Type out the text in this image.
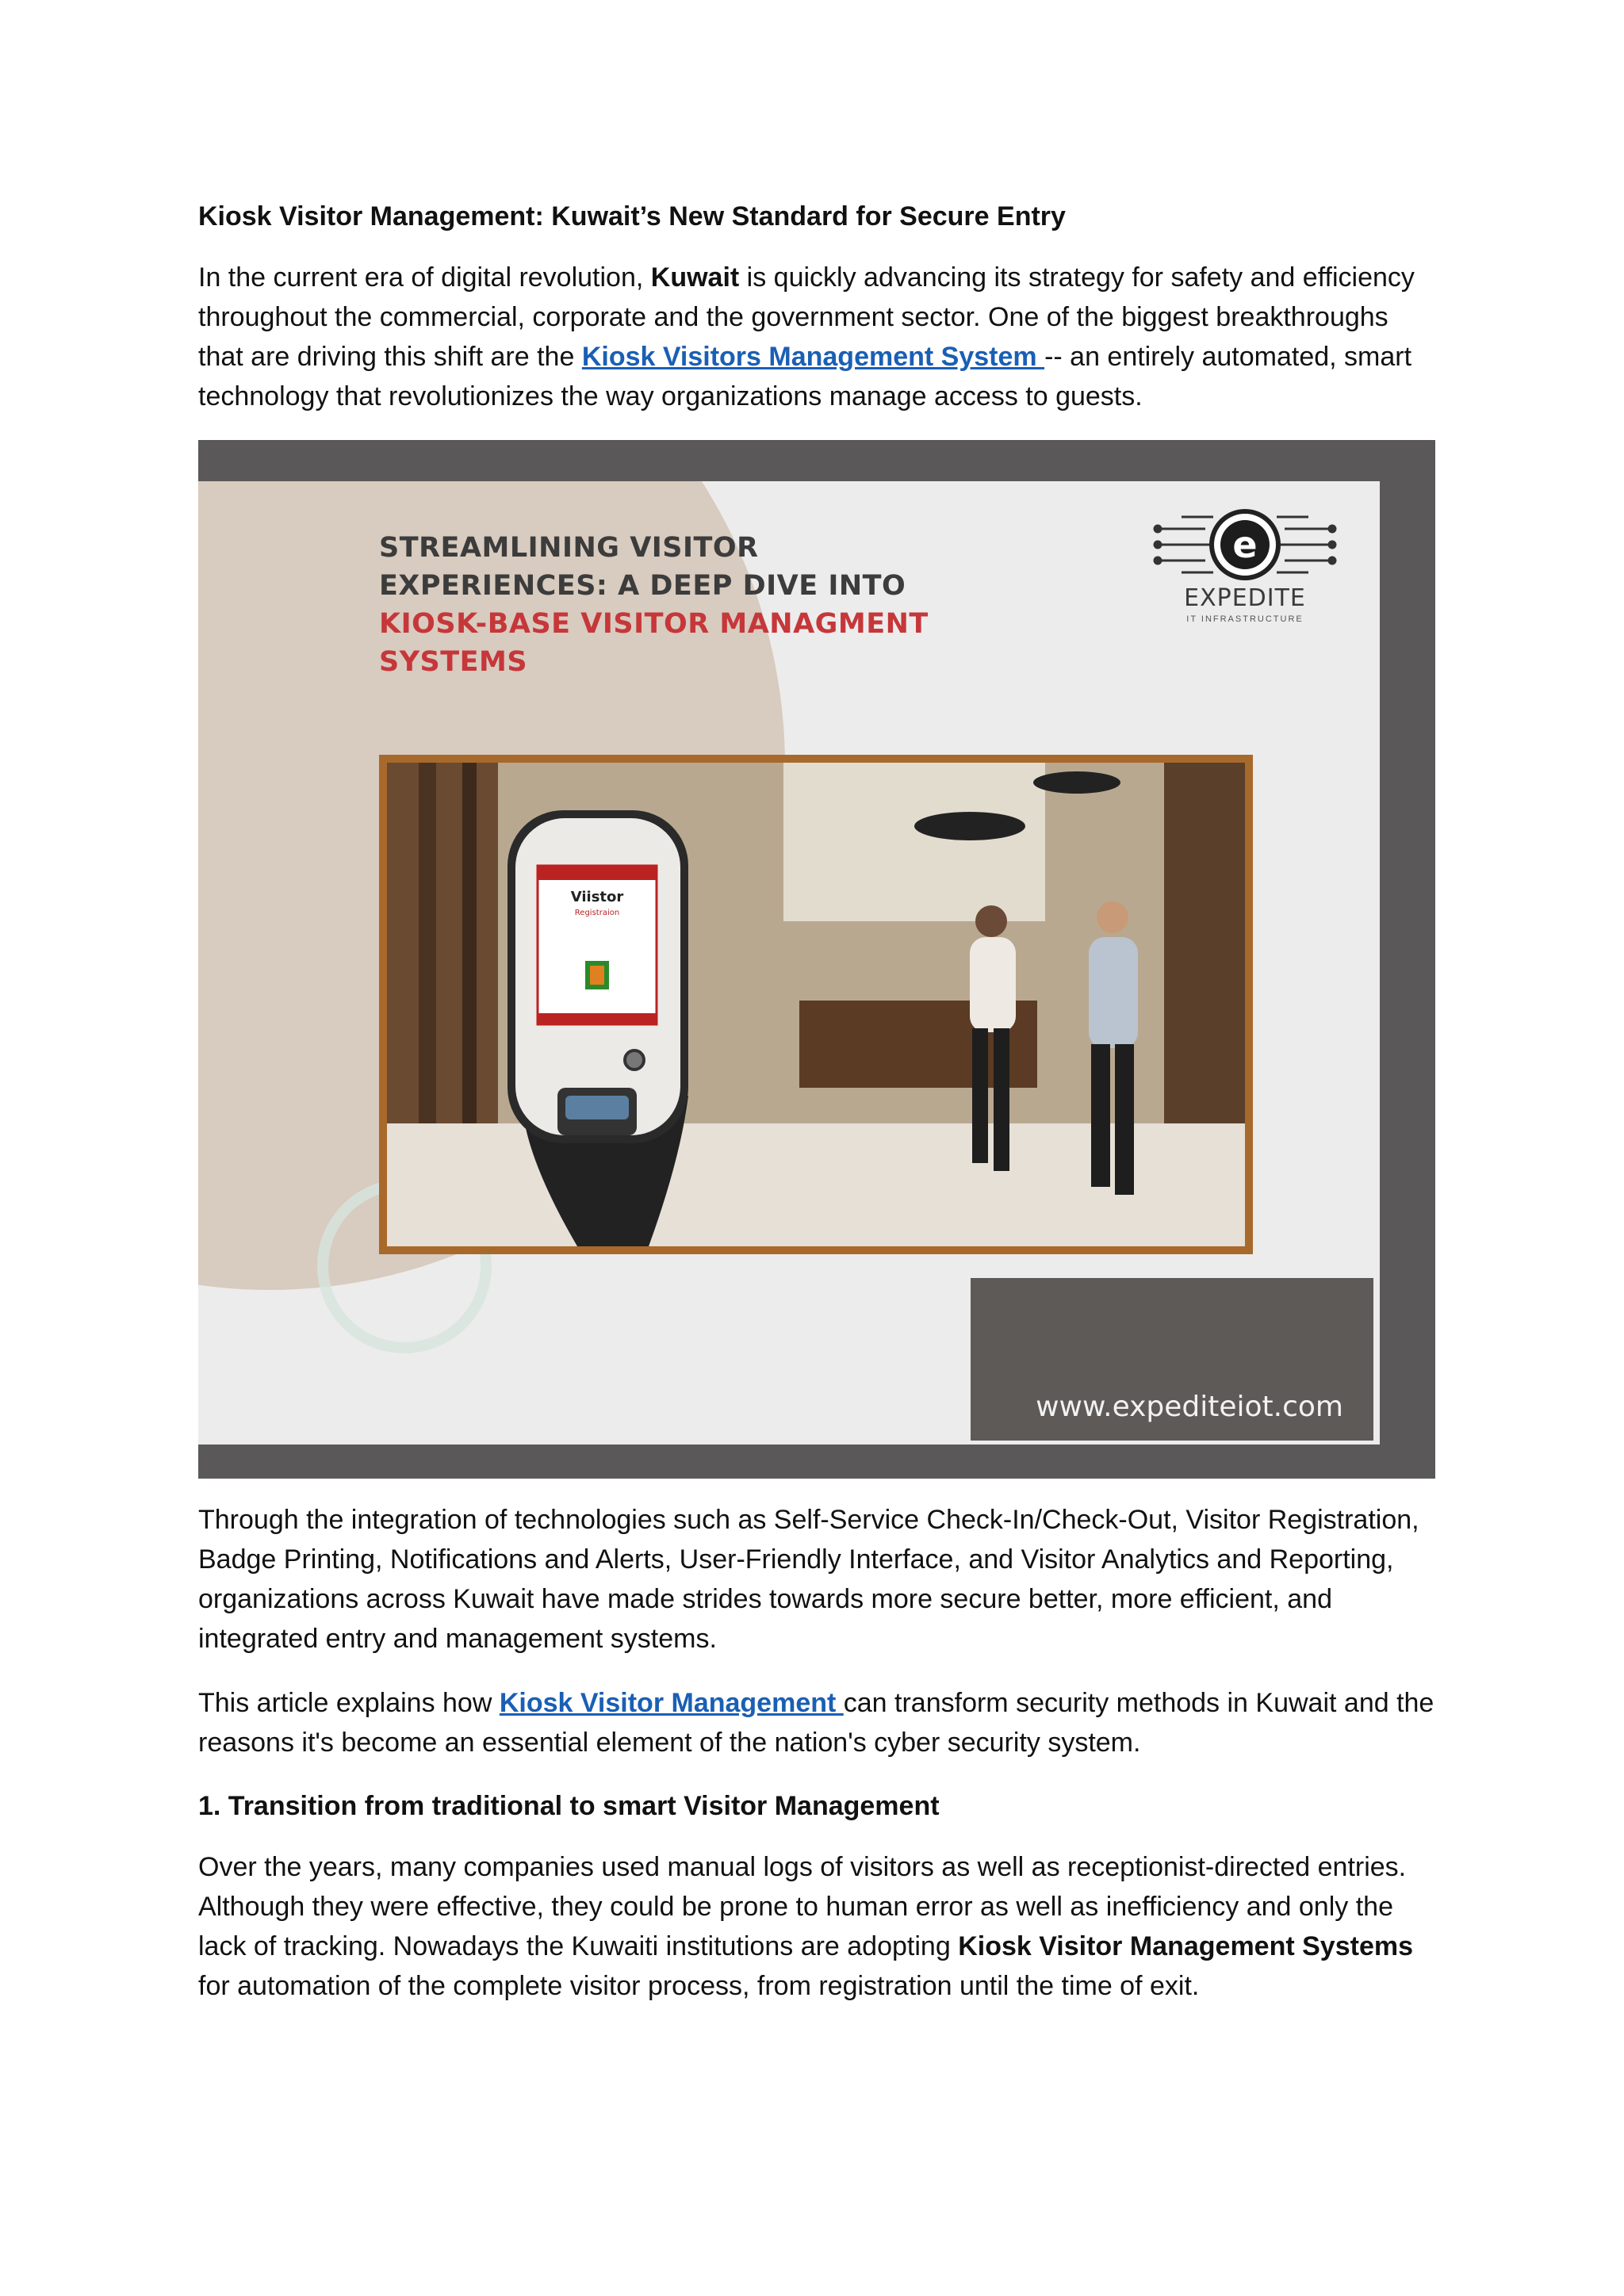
Kiosk Visitor Management: Kuwait’s New Standard for Secure Entry

In the current era of digital revolution, Kuwait is quickly advancing its strategy for safety and efficiency throughout the commercial, corporate and the government sector. One of the biggest breakthroughs that are driving this shift are the Kiosk Visitors Management System -- an entirely automated, smart technology that revolutionizes the way organizations manage access to guests.

Through the integration of technologies such as Self-Service Check-In/Check-Out, Visitor Registration, Badge Printing, Notifications and Alerts, User-Friendly Interface, and Visitor Analytics and Reporting, organizations across Kuwait have made strides towards more secure better, more efficient, and integrated entry and management systems.

This article explains how Kiosk Visitor Management can transform security methods in Kuwait and the reasons it's become an essential element of the nation's cyber security system.

1. Transition from traditional to smart Visitor Management

Over the years, many companies used manual logs of visitors as well as receptionist-directed entries. Although they were effective, they could be prone to human error as well as inefficiency and only the lack of tracking. Nowadays the Kuwaiti institutions are adopting Kiosk Visitor Management Systems for automation of the complete visitor process, from registration until the time of exit.

STREAMLINING VISITOR
EXPERIENCES: A DEEP DIVE INTO
KIOSK-BASE VISITOR MANAGMENT
SYSTEMS
e
EXPEDITE
IT INFRASTRUCTURE
Viistor
Registraion
www.expediteiot.com
